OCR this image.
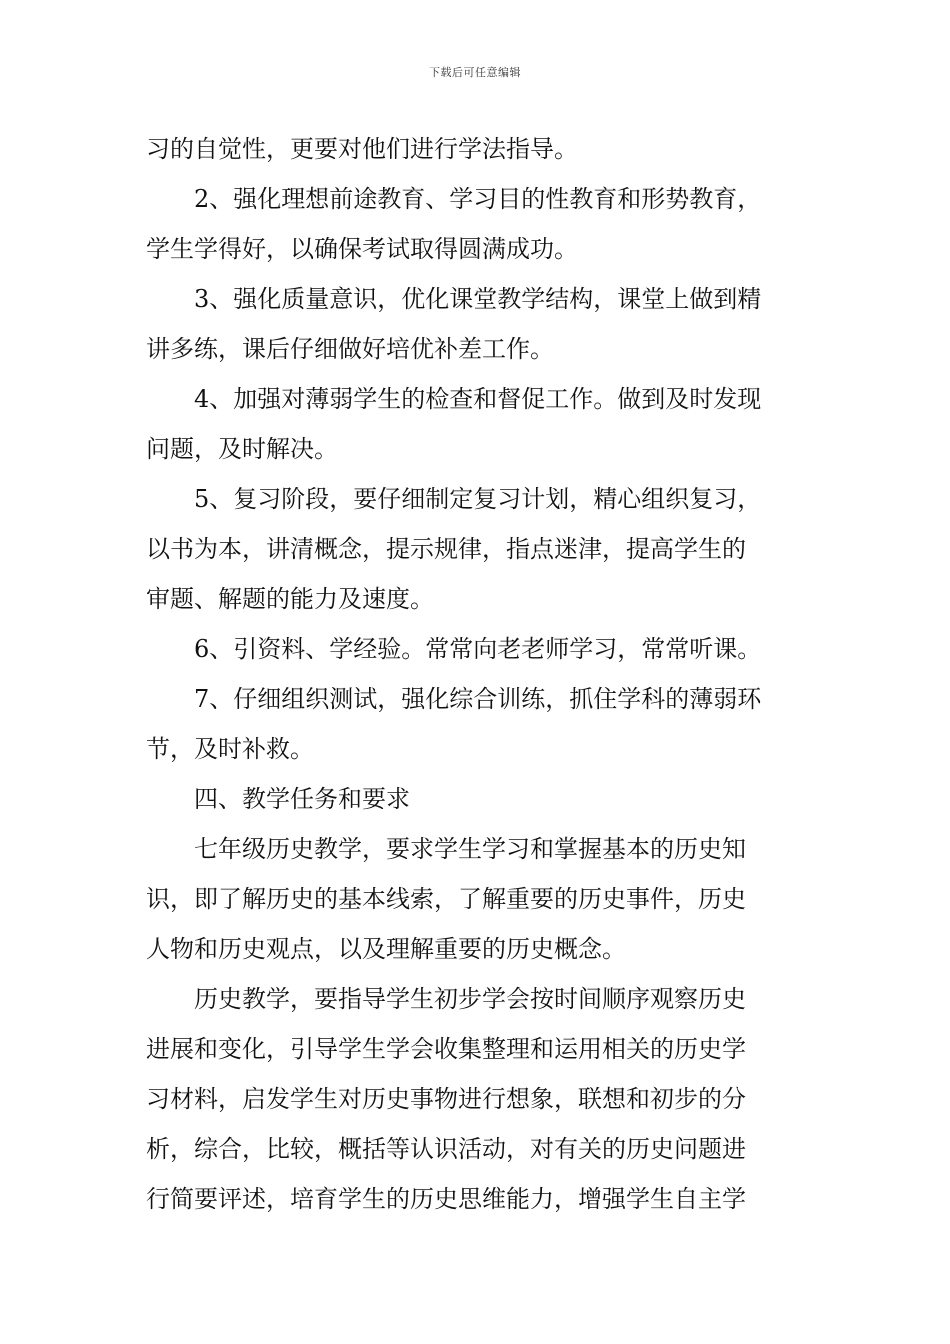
下载后可任意编辑
习的自觉性，更要对他们进行学法指导。
2、强化理想前途教育、学习目的性教育和形势教育，
学生学得好，以确保考试取得圆满成功。
3、强化质量意识，优化课堂教学结构，课堂上做到精
讲多练，课后仔细做好培优补差工作。
4、加强对薄弱学生的检查和督促工作。做到及时发现
问题，及时解决。
5、复习阶段，要仔细制定复习计划，精心组织复习，
以书为本，讲清概念，提示规律，指点迷津，提高学生的
审题、解题的能力及速度。
6、引资料、学经验。常常向老老师学习，常常听课。
7、仔细组织测试，强化综合训练，抓住学科的薄弱环
节，及时补救。
四、教学任务和要求
七年级历史教学，要求学生学习和掌握基本的历史知
识，即了解历史的基本线索，了解重要的历史事件，历史
人物和历史观点，以及理解重要的历史概念。
历史教学，要指导学生初步学会按时间顺序观察历史
进展和变化，引导学生学会收集整理和运用相关的历史学
习材料，启发学生对历史事物进行想象，联想和初步的分
析，综合，比较，概括等认识活动，对有关的历史问题进
行简要评述，培育学生的历史思维能力，增强学生自主学
